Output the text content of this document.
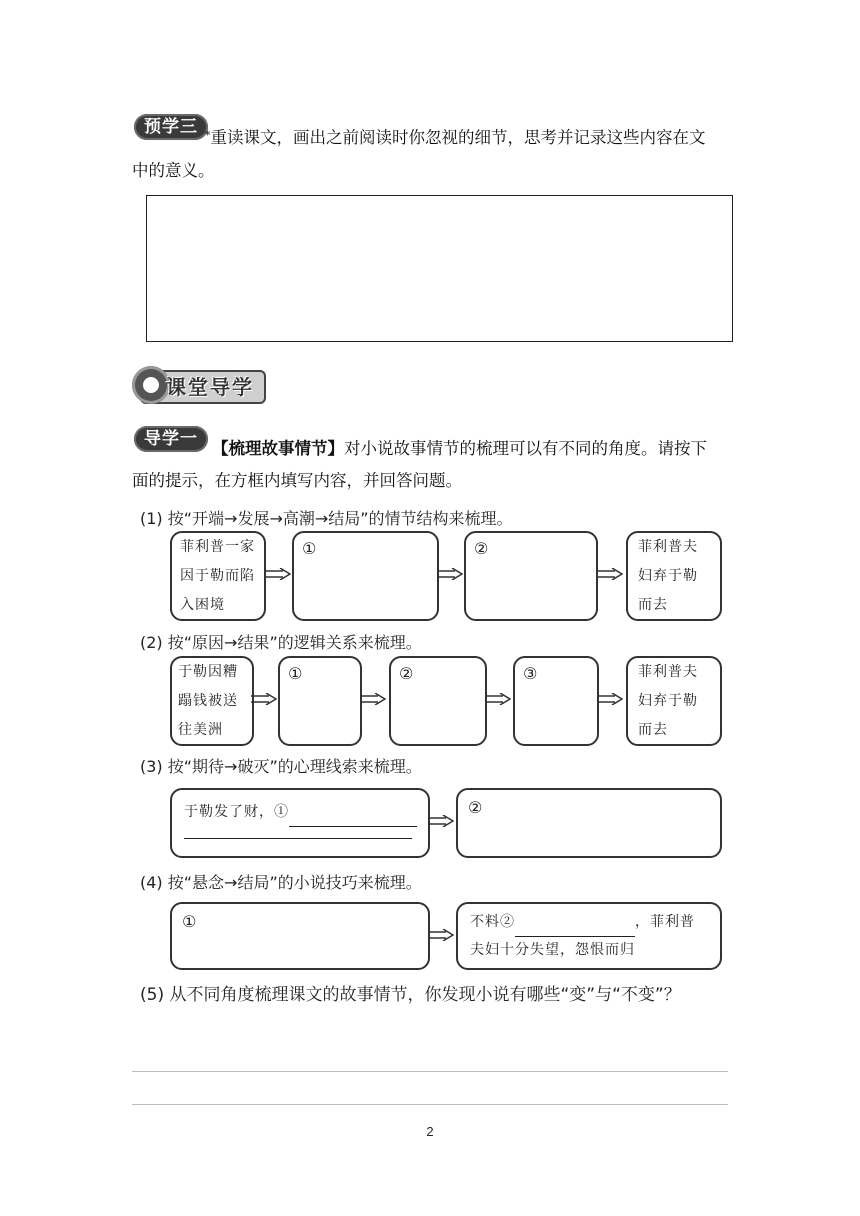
预学三 *重读课文，画出之前阅读时你忽视的细节，思考并记录这些内容在文
中的意义。
课堂导学
导学一 【梳理故事情节】对小说故事情节的梳理可以有不同的角度。请按下
面的提示，在方框内填写内容，并回答问题。
(1) 按“开端→发展→高潮→结局”的情节结构来梳理。
菲利普一家
因于勒而陷
入困境
①	②	菲利普夫
妇弃于勒
而去
(2) 按“原因→结果”的逻辑关系来梳理。
于勒因糟
蹋钱被送
往美洲
①	②	③	菲利普夫
妇弃于勒
而去
(3) 按“期待→破灭”的心理线索来梳理。
于勒发了财，①	②
(4) 按“悬念→结局”的小说技巧来梳理。
①	不料②	，菲利普
夫妇十分失望，怨恨而归
(5) 从不同角度梳理课文的故事情节，你发现小说有哪些“变”与“不变”？
2
